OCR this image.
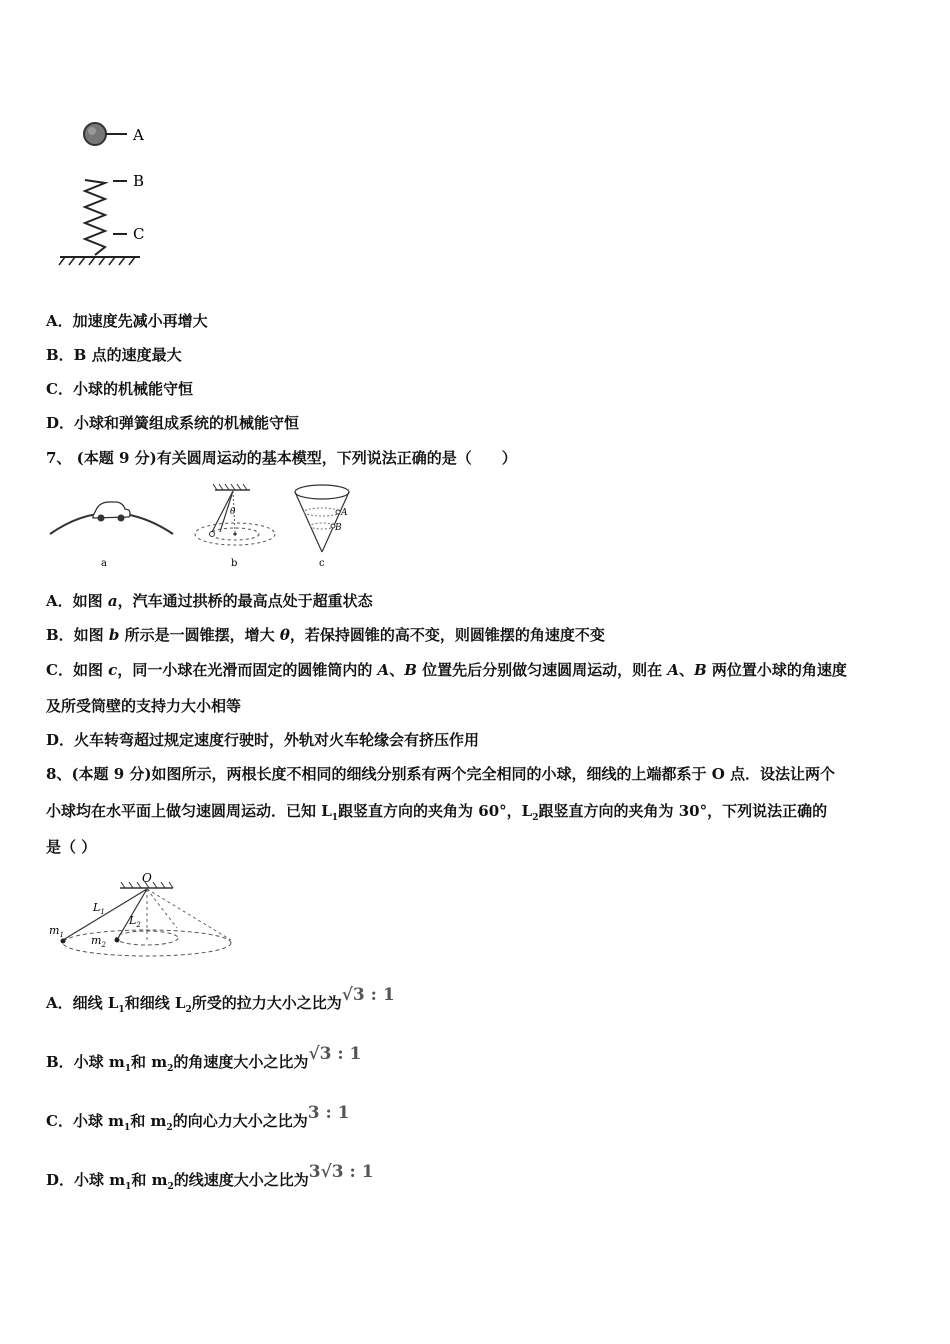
A
B
C
A．加速度先减小再增大
B．B 点的速度最大
C．小球的机械能守恒
D．小球和弹簧组成系统的机械能守恒
7、 (本题 9 分)有关圆周运动的基本模型，下列说法正确的是（　　）
a
θ
b
A
B
c
A．如图 a，汽车通过拱桥的最高点处于超重状态
B．如图 b 所示是一圆锥摆，增大 θ，若保持圆锥的高不变，则圆锥摆的角速度不变
C．如图 c，同一小球在光滑而固定的圆锥筒内的 A、B 位置先后分别做匀速圆周运动，则在 A、B 两位置小球的角速度
及所受筒壁的支持力大小相等
D．火车转弯超过规定速度行驶时，外轨对火车轮缘会有挤压作用
8、(本题 9 分)如图所示，两根长度不相同的细线分别系有两个完全相同的小球，细线的上端都系于 O 点．设法让两个
小球均在水平面上做匀速圆周运动．已知 $L_1$跟竖直方向的夹角为 60°，$L_2$跟竖直方向的夹角为 30°，下列说法正确的
是（ ）
O
$L_1$
$L_2$
$m_1$ $m_2$
A．细线 $L_1$和细线 $L_2$所受的拉力大小之比为√3 : 1
B．小球 $m_1$和 $m_2$的角速度大小之比为√3 : 1
C．小球 $m_1$和 $m_2$的向心力大小之比为3 : 1
D．小球 $m_1$和 $m_2$的线速度大小之比为3√3 : 1
